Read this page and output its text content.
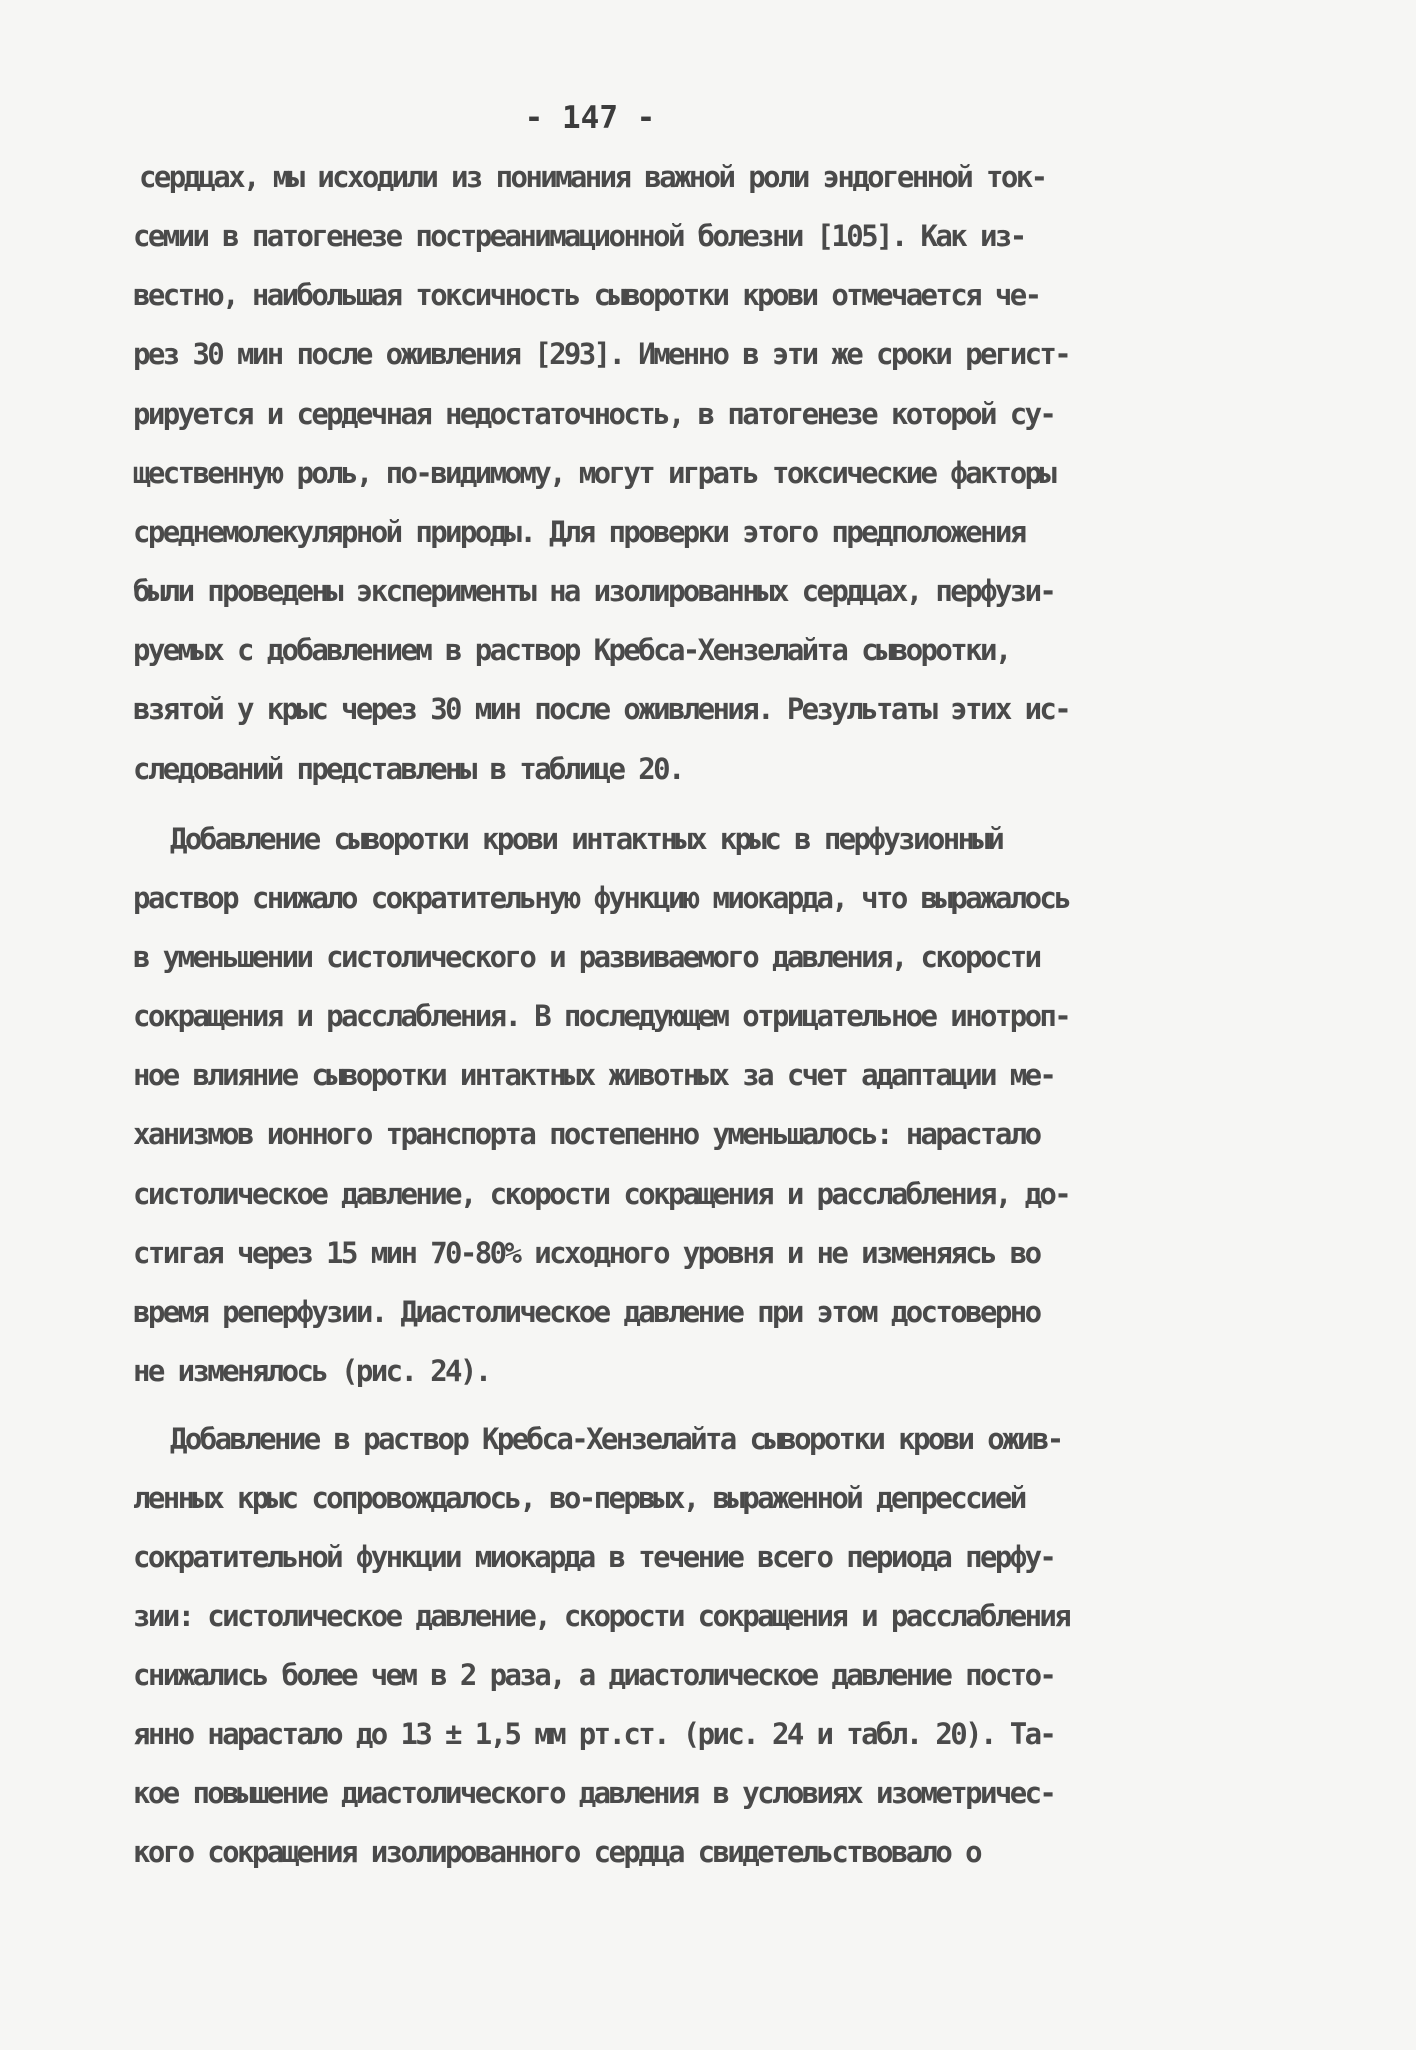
- 147 -
сердцах, мы исходили из понимания важной роли эндогенной ток-
семии в патогенезе постреанимационной болезни [105]. Как из-
вестно, наибольшая токсичность сыворотки крови отмечается че-
рез 30 мин после оживления [293]. Именно в эти же сроки регист-
рируется и сердечная недостаточность, в патогенезе которой су-
щественную роль, по-видимому, могут играть токсические факторы
среднемолекулярной природы. Для проверки этого предположения
были проведены эксперименты на изолированных сердцах, перфузи-
руемых с добавлением в раствор Кребса-Хензелайта сыворотки,
взятой у крыс через 30 мин после оживления. Результаты этих ис-
следований представлены в таблице 20.
Добавление сыворотки крови интактных крыс в перфузионный
раствор снижало сократительную функцию миокарда, что выражалось
в уменьшении систолического и развиваемого давления, скорости
сокращения и расслабления. В последующем отрицательное инотроп-
ное влияние сыворотки интактных животных за счет адаптации ме-
ханизмов ионного транспорта постепенно уменьшалось: нарастало
систолическое давление, скорости сокращения и расслабления, до-
стигая через 15 мин 70-80% исходного уровня и не изменяясь во
время реперфузии. Диастолическое давление при этом достоверно
не изменялось (рис. 24).
Добавление в раствор Кребса-Хензелайта сыворотки крови ожив-
ленных крыс сопровождалось, во-первых, выраженной депрессией
сократительной функции миокарда в течение всего периода перфу-
зии: систолическое давление, скорости сокращения и расслабления
снижались более чем в 2 раза, а диастолическое давление посто-
янно нарастало до 13 ± 1,5 мм рт.ст. (рис. 24 и табл. 20). Та-
кое повышение диастолического давления в условиях изометричес-
кого сокращения изолированного сердца свидетельствовало о
